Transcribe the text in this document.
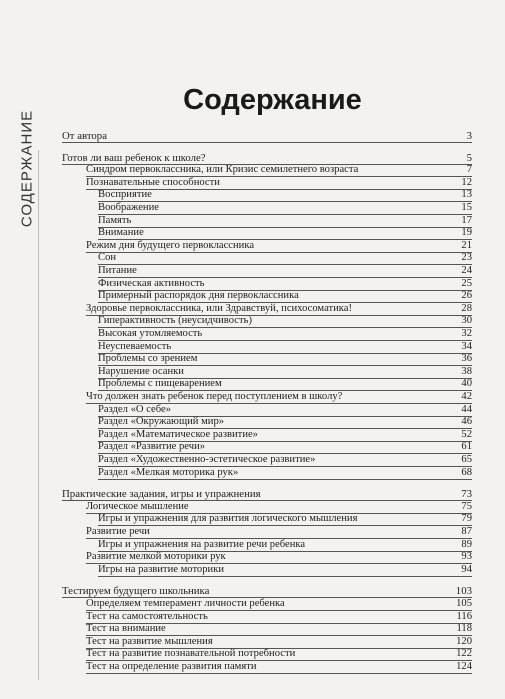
СОДЕРЖАНИЕ
Содержание
От автора	3
Готов ли ваш ребенок к школе?	5
Синдром первоклассника, или Кризис семилетнего возраста	7
Познавательные способности	12
Восприятие	13
Воображение	15
Память	17
Внимание	19
Режим дня будущего первоклассника	21
Сон	23
Питание	24
Физическая активность	25
Примерный распорядок дня первоклассника	26
Здоровье первоклассника, или Здравствуй, психосоматика!	28
Гиперактивность (неусидчивость)	30
Высокая утомляемость	32
Неуспеваемость	34
Проблемы со зрением	36
Нарушение осанки	38
Проблемы с пищеварением	40
Что должен знать ребенок перед поступлением в школу?	42
Раздел «О себе»	44
Раздел «Окружающий мир»	46
Раздел «Математическое развитие»	52
Раздел «Развитие речи»	61
Раздел «Художественно-эстетическое развитие»	65
Раздел «Мелкая моторика рук»	68
Практические задания, игры и упражнения	73
Логическое мышление	75
Игры и упражнения для развития логического мышления	79
Развитие речи	87
Игры и упражнения на развитие речи ребенка	89
Развитие мелкой моторики рук	93
Игры на развитие моторики	94
Тестируем будущего школьника	103
Определяем темперамент личности ребенка	105
Тест на самостоятельность	116
Тест на внимание	118
Тест на развитие мышления	120
Тест на развитие познавательной потребности	122
Тест на определение развития памяти	124
